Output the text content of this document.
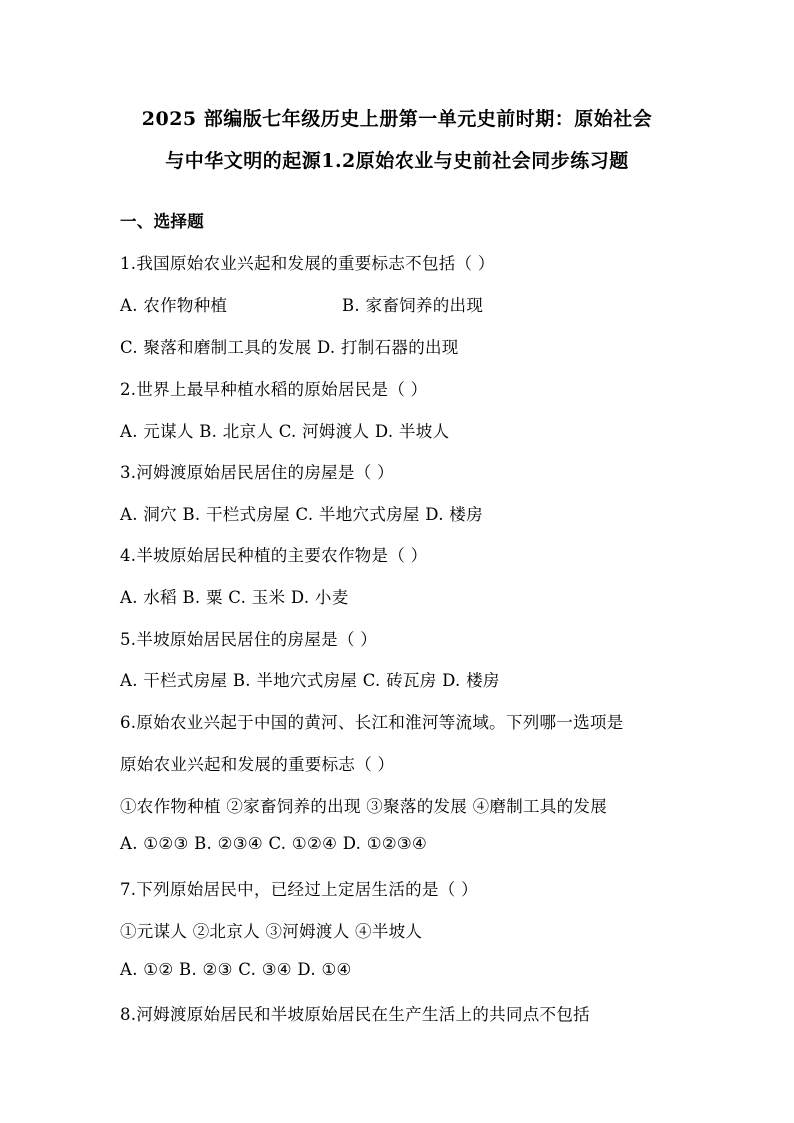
2025 部编版七年级历史上册第一单元史前时期：原始社会
与中华文明的起源1.2原始农业与史前社会同步练习题
一、选择题
1.我国原始农业兴起和发展的重要标志不包括（ ）
A. 农作物种植	B. 家畜饲养的出现
C. 聚落和磨制工具的发展 D. 打制石器的出现
2.世界上最早种植水稻的原始居民是（ ）
A. 元谋人 B. 北京人 C. 河姆渡人 D. 半坡人
3.河姆渡原始居民居住的房屋是（ ）
A. 洞穴 B. 干栏式房屋 C. 半地穴式房屋 D. 楼房
4.半坡原始居民种植的主要农作物是（ ）
A. 水稻 B. 粟 C. 玉米 D. 小麦
5.半坡原始居民居住的房屋是（ ）
A. 干栏式房屋 B. 半地穴式房屋 C. 砖瓦房 D. 楼房
6.原始农业兴起于中国的黄河、长江和淮河等流域。下列哪一选项是
原始农业兴起和发展的重要标志（ ）
①农作物种植 ②家畜饲养的出现 ③聚落的发展 ④磨制工具的发展
A. ①②③ B. ②③④ C. ①②④ D. ①②③④
7.下列原始居民中，已经过上定居生活的是（ ）
①元谋人 ②北京人 ③河姆渡人 ④半坡人
A. ①② B. ②③ C. ③④ D. ①④
8.河姆渡原始居民和半坡原始居民在生产生活上的共同点不包括
